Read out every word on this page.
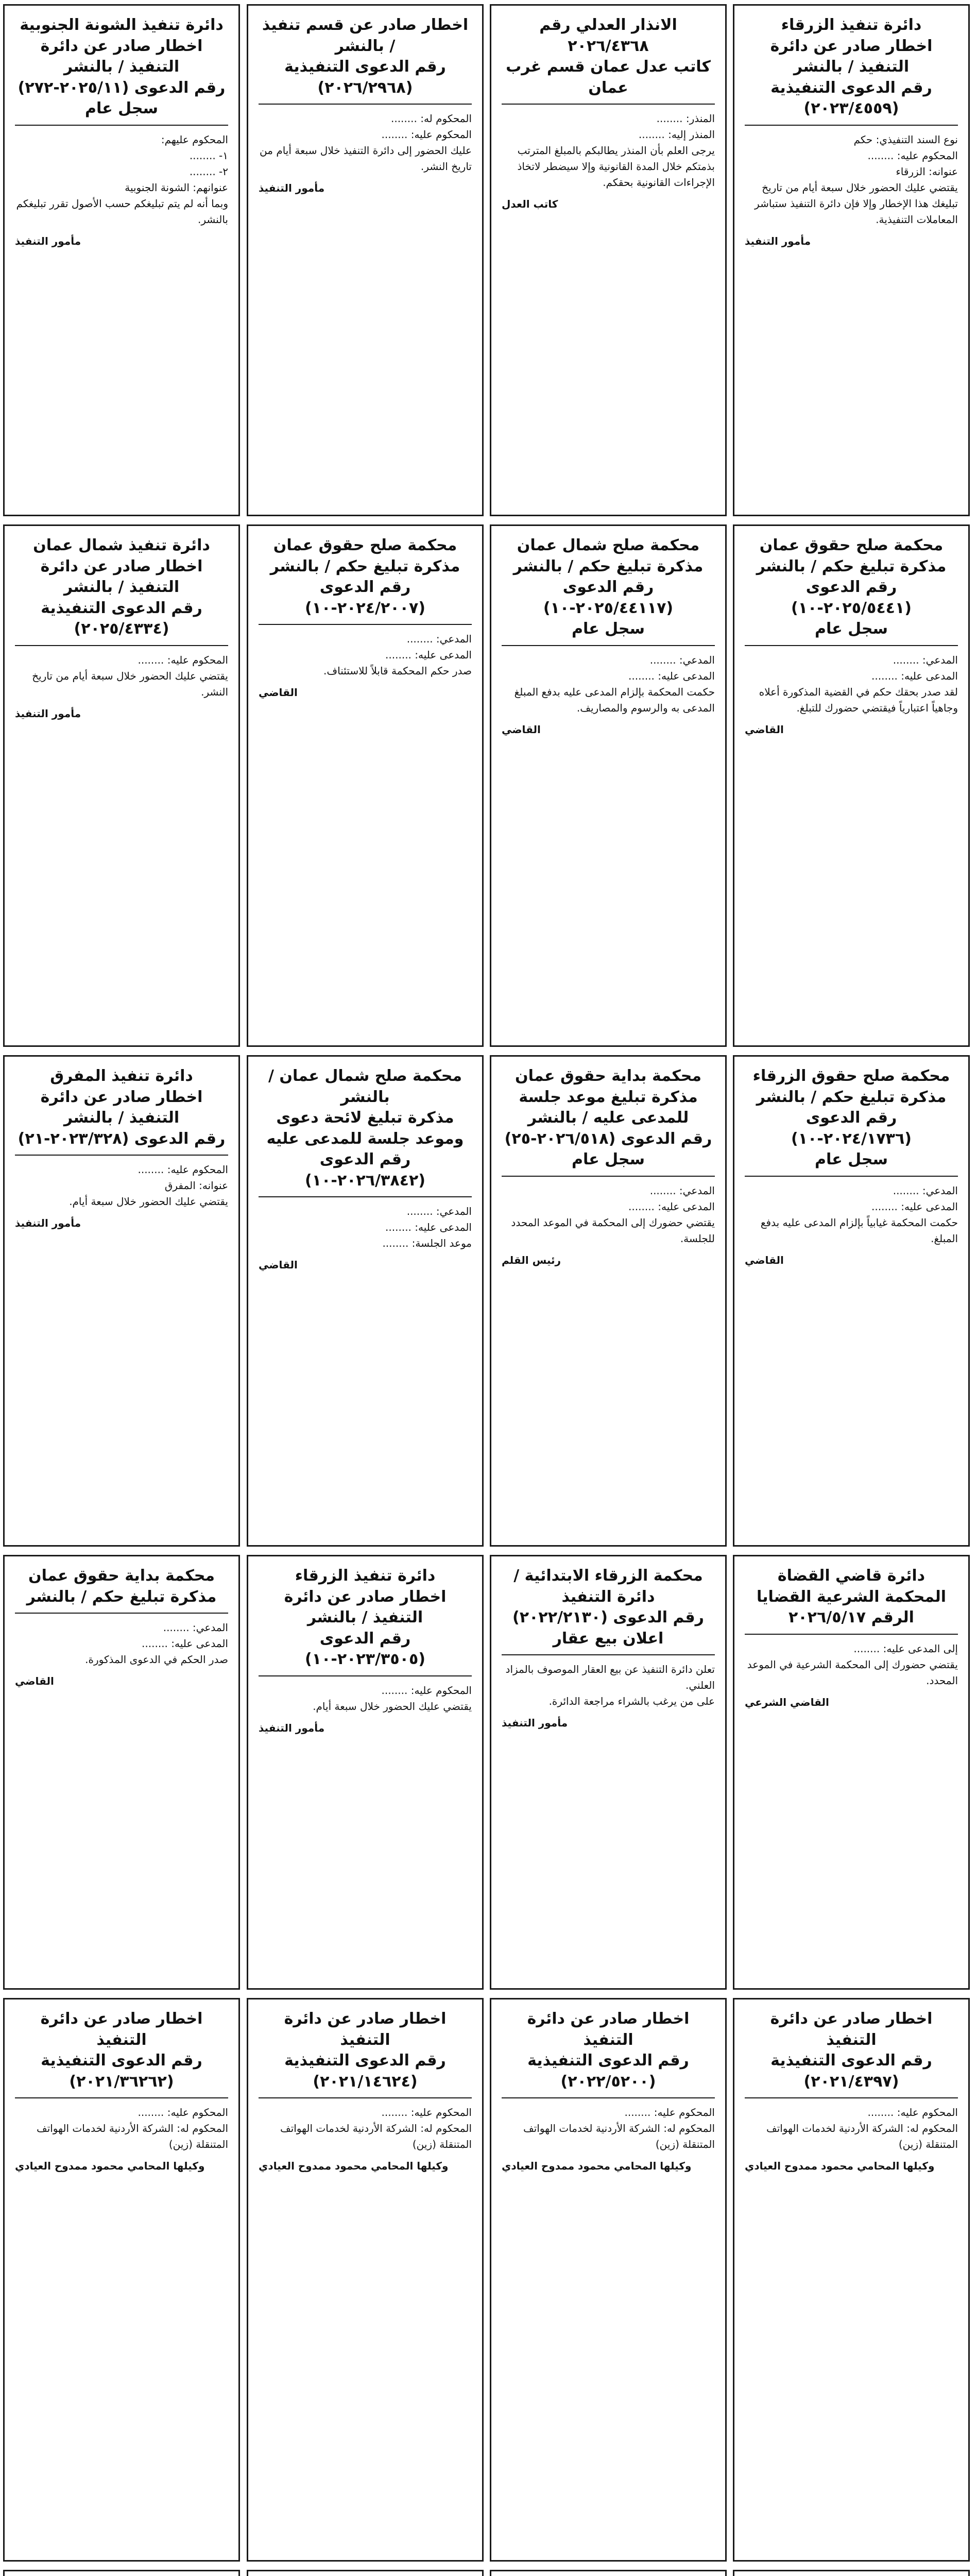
دائرة تنفيذ الزرقاء
اخطار صادر عن دائرة التنفيذ / بالنشر
رقم الدعوى التنفيذية (٢٠٢٣/٤٥٥٩)
نوع السند التنفيذي: حكم
المحكوم عليه: ........
عنوانه: الزرقاء
يقتضي عليك الحضور خلال سبعة أيام من تاريخ تبليغك هذا الإخطار وإلا فإن دائرة التنفيذ ستباشر المعاملات التنفيذية.
مأمور التنفيذ
الانذار العدلي رقم ٢٠٢٦/٤٣٦٨
كاتب عدل عمان قسم غرب عمان
المنذر: ........
المنذر إليه: ........
يرجى العلم بأن المنذر يطالبكم بالمبلغ المترتب بذمتكم خلال المدة القانونية وإلا سيضطر لاتخاذ الإجراءات القانونية بحقكم.
كاتب العدل
اخطار صادر عن قسم تنفيذ / بالنشر
رقم الدعوى التنفيذية (٢٠٢٦/٢٩٦٨)
المحكوم له: ........
المحكوم عليه: ........
عليك الحضور إلى دائرة التنفيذ خلال سبعة أيام من تاريخ النشر.
مأمور التنفيذ
دائرة تنفيذ الشونة الجنوبية
اخطار صادر عن دائرة التنفيذ / بالنشر
رقم الدعوى (٢٠٢٥/١١-٢٧٢) سجل عام
المحكوم عليهم:
١- ........
٢- ........
عنوانهم: الشونة الجنوبية
وبما أنه لم يتم تبليغكم حسب الأصول تقرر تبليغكم بالنشر.
مأمور التنفيذ
محكمة صلح حقوق عمان
مذكرة تبليغ حكم / بالنشر
رقم الدعوى (٢٠٢٥/٥٤٤١-١٠)
سجل عام
المدعي: ........
المدعى عليه: ........
لقد صدر بحقك حكم في القضية المذكورة أعلاه وجاهياً اعتبارياً فيقتضي حضورك للتبلغ.
القاضي
محكمة صلح شمال عمان
مذكرة تبليغ حكم / بالنشر
رقم الدعوى (٢٠٢٥/٤٤١١٧-١٠)
سجل عام
المدعي: ........
المدعى عليه: ........
حكمت المحكمة بإلزام المدعى عليه بدفع المبلغ المدعى به والرسوم والمصاريف.
القاضي
محكمة صلح حقوق عمان
مذكرة تبليغ حكم / بالنشر
رقم الدعوى (٢٠٢٤/٢٠٠٧-١٠)
المدعي: ........
المدعى عليه: ........
صدر حكم المحكمة قابلاً للاستئناف.
القاضي
دائرة تنفيذ شمال عمان
اخطار صادر عن دائرة التنفيذ / بالنشر
رقم الدعوى التنفيذية (٢٠٢٥/٤٣٣٤)
المحكوم عليه: ........
يقتضي عليك الحضور خلال سبعة أيام من تاريخ النشر.
مأمور التنفيذ
محكمة صلح حقوق الزرقاء
مذكرة تبليغ حكم / بالنشر
رقم الدعوى (٢٠٢٤/١٧٣٦-١٠)
سجل عام
المدعي: ........
المدعى عليه: ........
حكمت المحكمة غيابياً بإلزام المدعى عليه بدفع المبلغ.
القاضي
محكمة بداية حقوق عمان
مذكرة تبليغ موعد جلسة للمدعى عليه / بالنشر
رقم الدعوى (٢٠٢٦/٥١٨-٢٥)
سجل عام
المدعي: ........
المدعى عليه: ........
يقتضي حضورك إلى المحكمة في الموعد المحدد للجلسة.
رئيس القلم
محكمة صلح شمال عمان / بالنشر
مذكرة تبليغ لائحة دعوى وموعد جلسة للمدعى عليه
رقم الدعوى (٢٠٢٦/٣٨٤٢-١٠)
المدعي: ........
المدعى عليه: ........
موعد الجلسة: ........
القاضي
دائرة تنفيذ المفرق
اخطار صادر عن دائرة التنفيذ / بالنشر
رقم الدعوى (٢٠٢٣/٣٢٨-٢١)
المحكوم عليه: ........
عنوانه: المفرق
يقتضي عليك الحضور خلال سبعة أيام.
مأمور التنفيذ
دائرة قاضي القضاة
المحكمة الشرعية القضايا
الرقم ٢٠٢٦/٥/١٧
إلى المدعى عليه: ........
يقتضي حضورك إلى المحكمة الشرعية في الموعد المحدد.
القاضي الشرعي
محكمة الزرقاء الابتدائية / دائرة التنفيذ
رقم الدعوى (٢٠٢٢/٢١٣٠)
اعلان بيع عقار
تعلن دائرة التنفيذ عن بيع العقار الموصوف بالمزاد العلني.
على من يرغب بالشراء مراجعة الدائرة.
مأمور التنفيذ
دائرة تنفيذ الزرقاء
اخطار صادر عن دائرة التنفيذ / بالنشر
رقم الدعوى (٢٠٢٣/٣٥٠٥-١٠)
المحكوم عليه: ........
يقتضي عليك الحضور خلال سبعة أيام.
مأمور التنفيذ
محكمة بداية حقوق عمان
مذكرة تبليغ حكم / بالنشر
المدعي: ........
المدعى عليه: ........
صدر الحكم في الدعوى المذكورة.
القاضي
اخطار صادر عن دائرة التنفيذ
رقم الدعوى التنفيذية (٢٠٢١/٤٣٩٧)
المحكوم عليه: ........
المحكوم له: الشركة الأردنية لخدمات الهواتف المتنقلة (زين)
وكيلها المحامي محمود ممدوح العيادي
اخطار صادر عن دائرة التنفيذ
رقم الدعوى التنفيذية (٢٠٢٢/٥٢٠٠)
المحكوم عليه: ........
المحكوم له: الشركة الأردنية لخدمات الهواتف المتنقلة (زين)
وكيلها المحامي محمود ممدوح العيادي
اخطار صادر عن دائرة التنفيذ
رقم الدعوى التنفيذية (٢٠٢١/١٤٦٢٤)
المحكوم عليه: ........
المحكوم له: الشركة الأردنية لخدمات الهواتف المتنقلة (زين)
وكيلها المحامي محمود ممدوح العيادي
اخطار صادر عن دائرة التنفيذ
رقم الدعوى التنفيذية (٢٠٢١/٣٦٢٦٢)
المحكوم عليه: ........
المحكوم له: الشركة الأردنية لخدمات الهواتف المتنقلة (زين)
وكيلها المحامي محمود ممدوح العيادي
